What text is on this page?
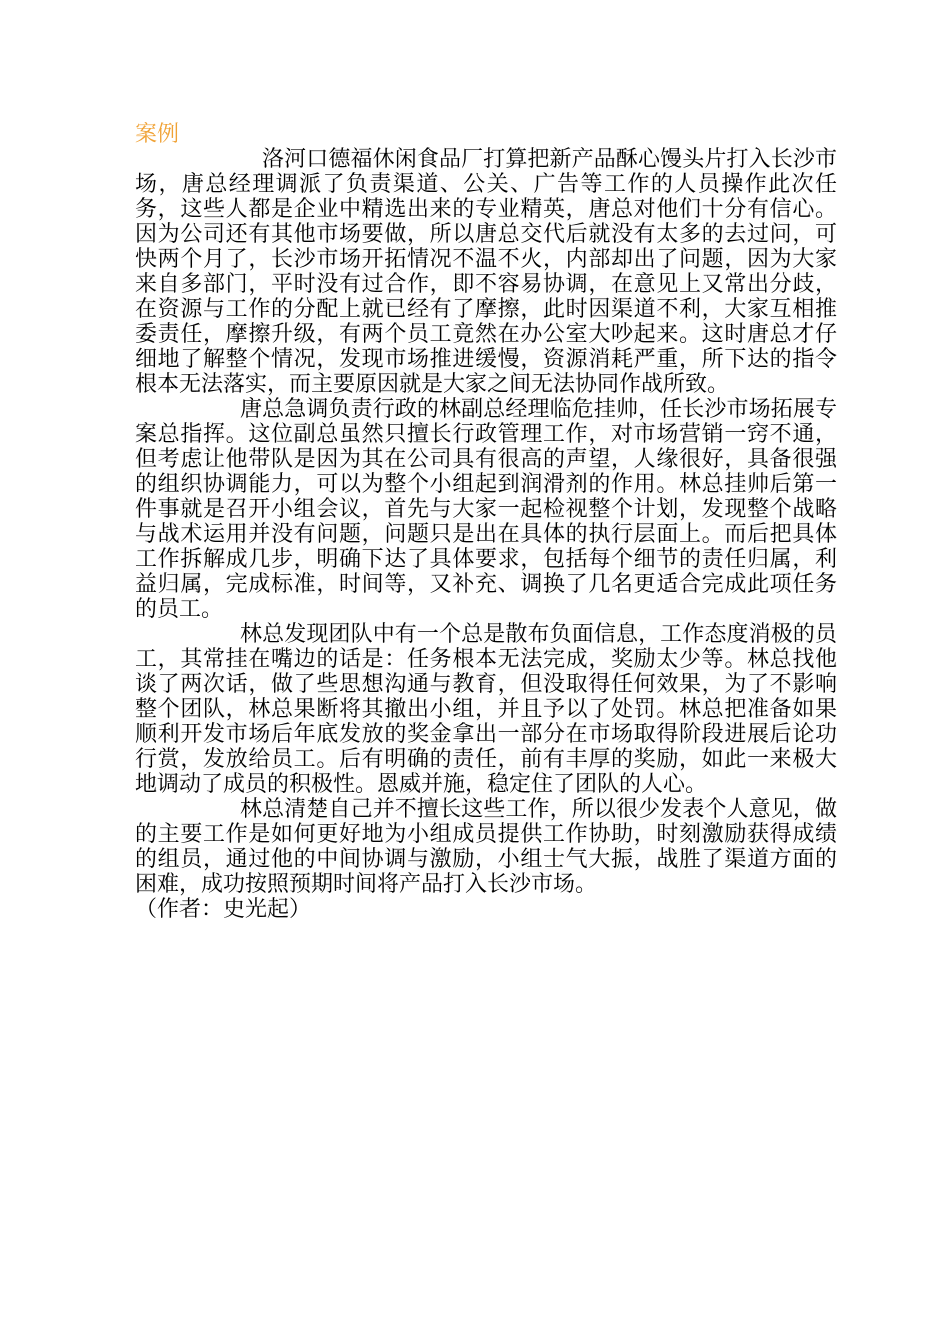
案例

洛河口德福休闲食品厂打算把新产品酥心馒头片打入长沙市场，唐总经理调派了负责渠道、公关、广告等工作的人员操作此次任务，这些人都是企业中精选出来的专业精英，唐总对他们十分有信心。因为公司还有其他市场要做，所以唐总交代后就没有太多的去过问，可快两个月了，长沙市场开拓情况不温不火，内部却出了问题，因为大家来自多部门，平时没有过合作，即不容易协调，在意见上又常出分歧，在资源与工作的分配上就已经有了摩擦，此时因渠道不利，大家互相推委责任，摩擦升级，有两个员工竟然在办公室大吵起来。这时唐总才仔细地了解整个情况，发现市场推进缓慢，资源消耗严重，所下达的指令根本无法落实，而主要原因就是大家之间无法协同作战所致。

唐总急调负责行政的林副总经理临危挂帅，任长沙市场拓展专案总指挥。这位副总虽然只擅长行政管理工作，对市场营销一窍不通，但考虑让他带队是因为其在公司具有很高的声望，人缘很好，具备很强的组织协调能力，可以为整个小组起到润滑剂的作用。林总挂帅后第一件事就是召开小组会议，首先与大家一起检视整个计划，发现整个战略与战术运用并没有问题，问题只是出在具体的执行层面上。而后把具体工作拆解成几步，明确下达了具体要求，包括每个细节的责任归属，利益归属，完成标准，时间等，又补充、调换了几名更适合完成此项任务的员工。

林总发现团队中有一个总是散布负面信息，工作态度消极的员工，其常挂在嘴边的话是：任务根本无法完成，奖励太少等。林总找他谈了两次话，做了些思想沟通与教育，但没取得任何效果，为了不影响整个团队，林总果断将其撤出小组，并且予以了处罚。林总把准备如果顺利开发市场后年底发放的奖金拿出一部分在市场取得阶段进展后论功行赏，发放给员工。后有明确的责任，前有丰厚的奖励，如此一来极大地调动了成员的积极性。恩威并施，稳定住了团队的人心。

林总清楚自己并不擅长这些工作，所以很少发表个人意见，做的主要工作是如何更好地为小组成员提供工作协助，时刻激励获得成绩的组员，通过他的中间协调与激励，小组士气大振，战胜了渠道方面的困难，成功按照预期时间将产品打入长沙市场。

（作者：史光起）
